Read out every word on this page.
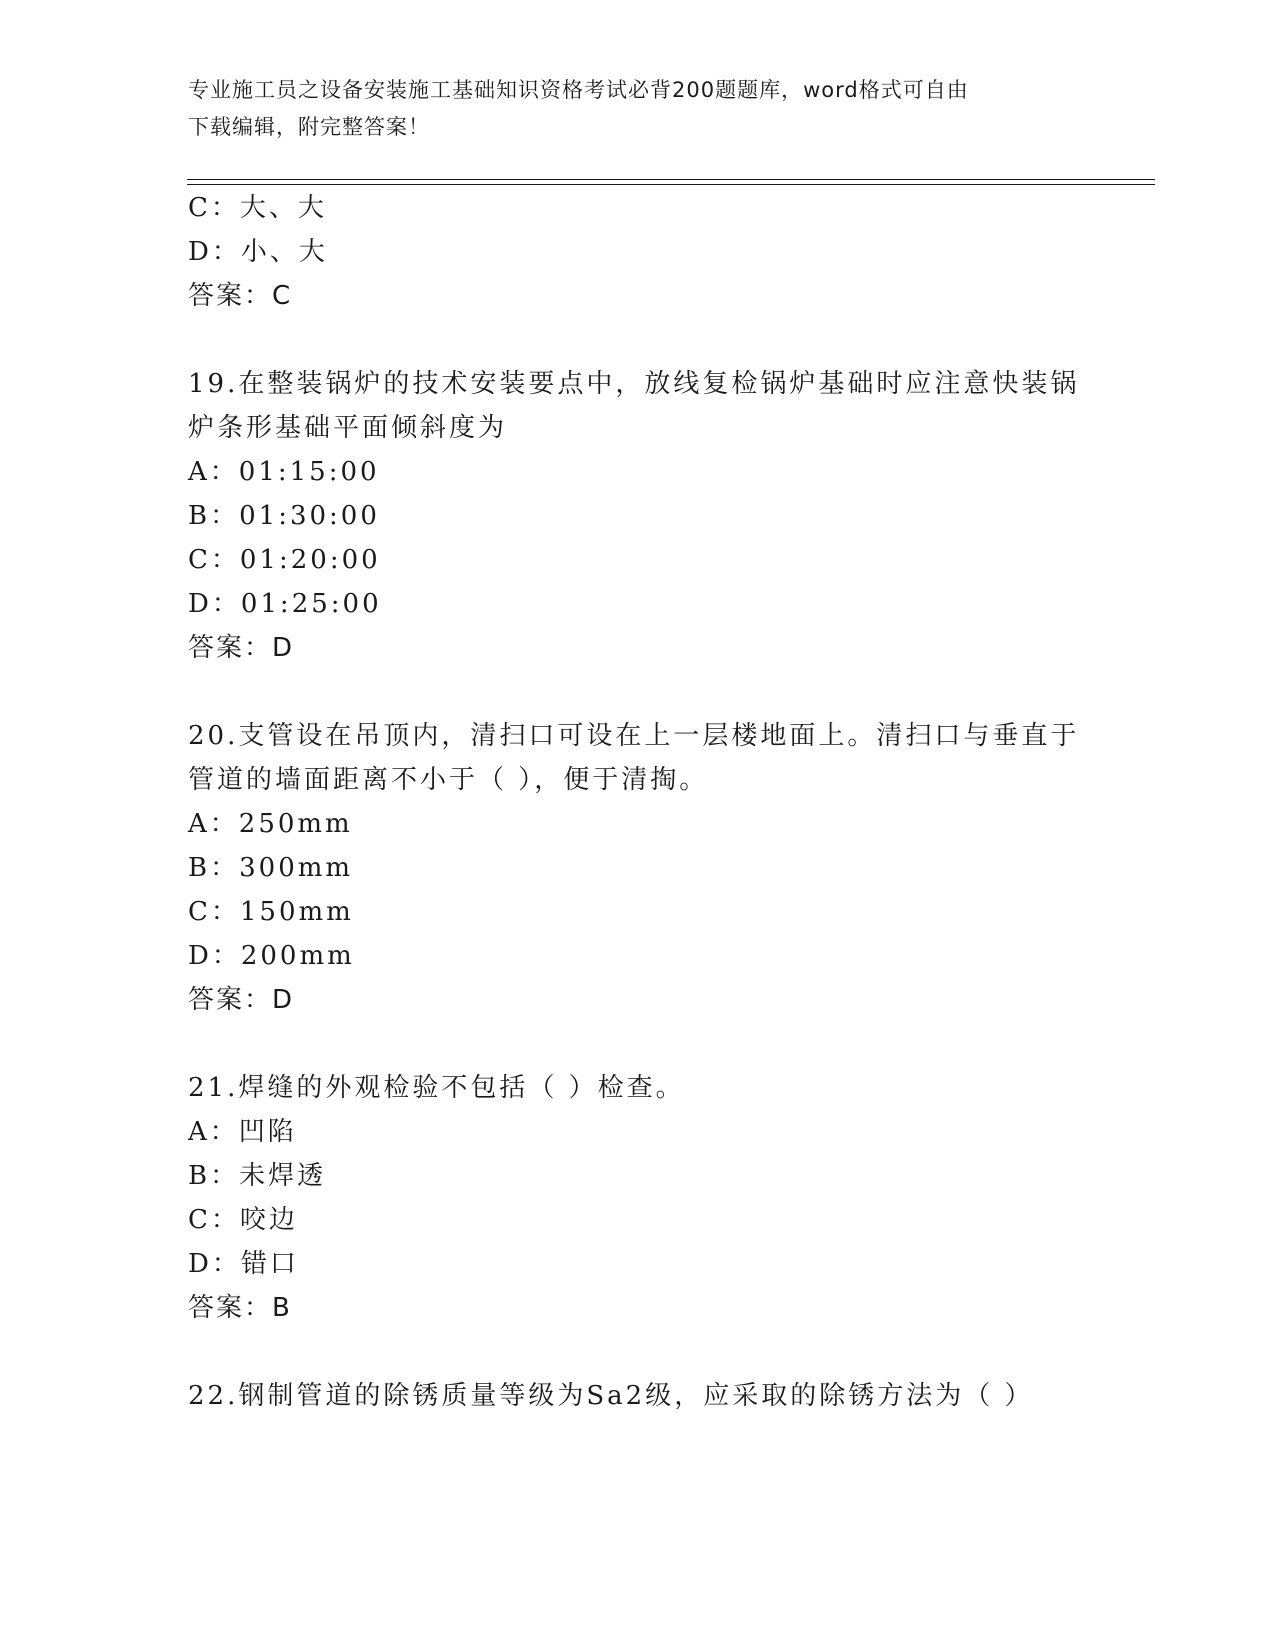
专业施工员之设备安装施工基础知识资格考试必背200题题库，word格式可自由
下载编辑，附完整答案！
C：大、大
D：小、大
答案：C
19.在整装锅炉的技术安装要点中，放线复检锅炉基础时应注意快装锅
炉条形基础平面倾斜度为
A：01:15:00
B：01:30:00
C：01:20:00
D：01:25:00
答案：D
20.支管设在吊顶内，清扫口可设在上一层楼地面上。清扫口与垂直于
管道的墙面距离不小于（ ），便于清掏。
A：250mm
B：300mm
C：150mm
D：200mm
答案：D
21.焊缝的外观检验不包括（ ）检查。
A：凹陷
B：未焊透
C：咬边
D：错口
答案：B
22.钢制管道的除锈质量等级为Sa2级，应采取的除锈方法为（ ）
